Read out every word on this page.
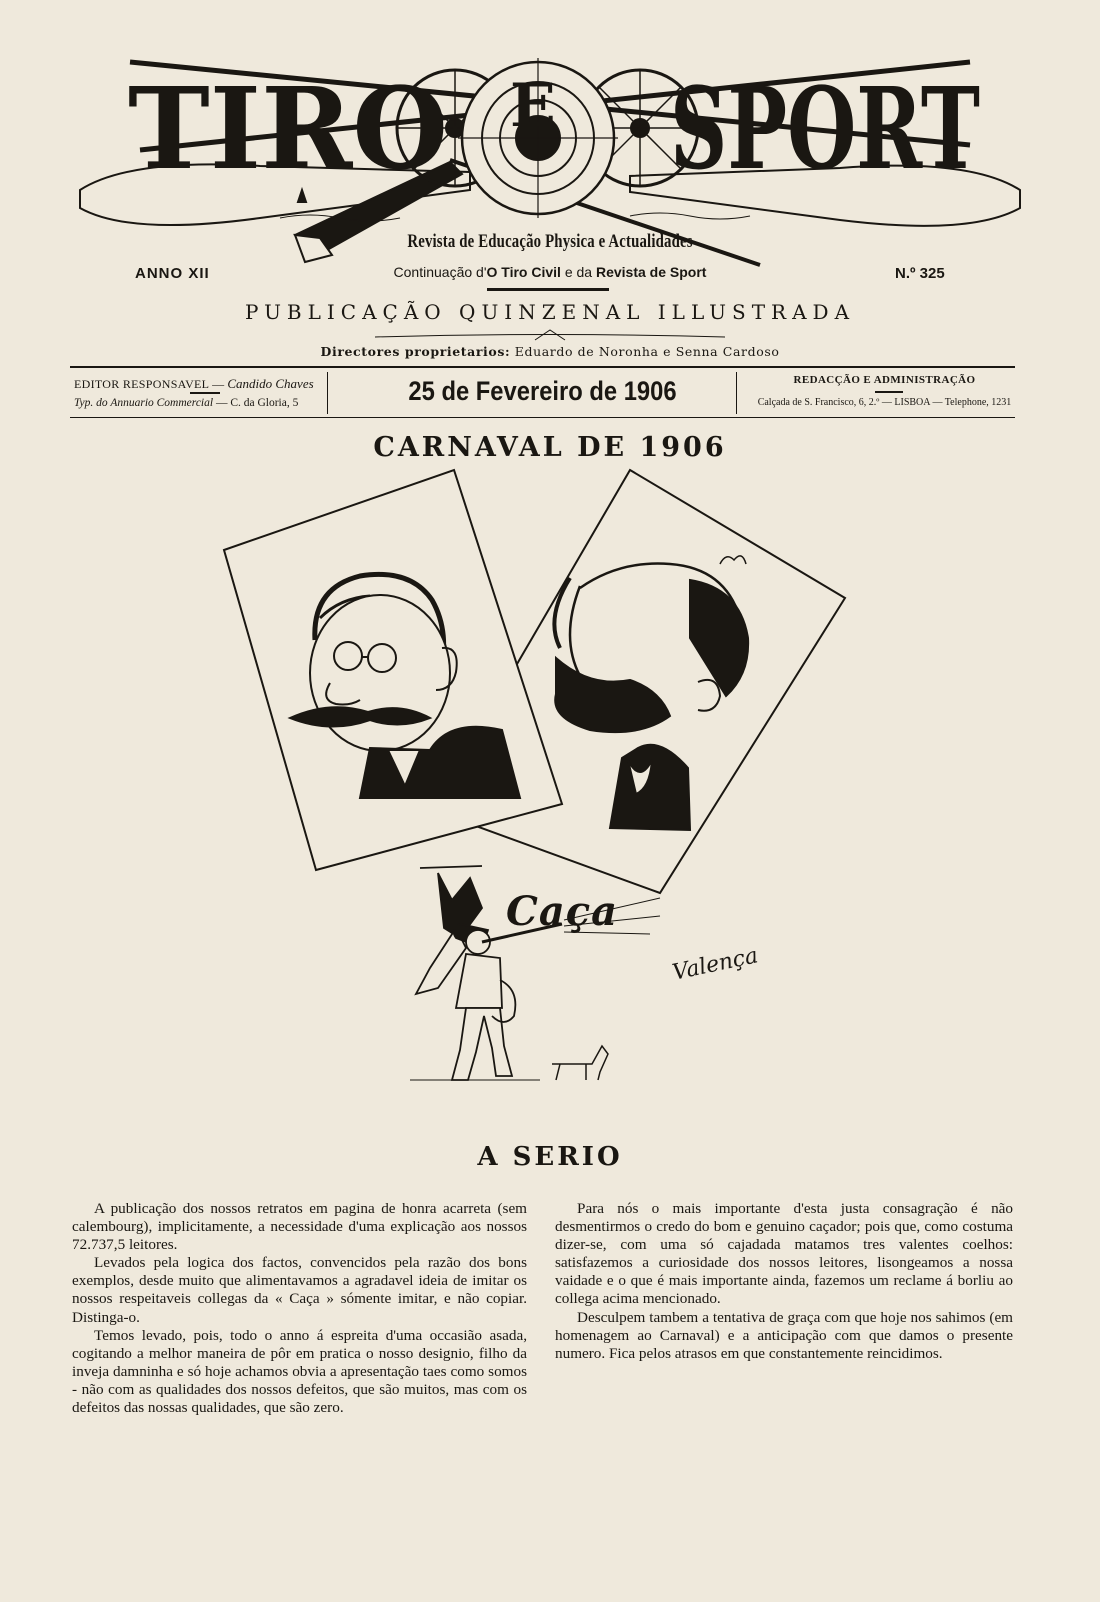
TIRO E SPORT

Revista de Educação Physica e Actualidades

ANNO XII	Continuação d'O Tiro Civil e da Revista de Sport	N.º 325

PUBLICAÇÃO QUINZENAL ILLUSTRADA

Directores proprietarios: Eduardo de Noronha e Senna Cardoso

EDITOR RESPONSAVEL — Candido Chaves

Typ. do Annuario Commercial — C. da Gloria, 5	25 de Fevereiro de 1906	REDACÇÃO E ADMINISTRAÇÃO

Calçada de S. Francisco, 6, 2.º — LISBOA — Telephone, 1231

CARNAVAL DE 1906

Caça

Valença

A SERIO

A publicação dos nossos retratos em pagina de honra acarreta (sem calembourg), implicitamente, a necessidade d'uma explicação aos nossos 72.737,5 leitores.

Levados pela logica dos factos, convencidos pela razão dos bons exemplos, desde muito que alimentavamos a agradavel ideia de imitar os nossos respeitaveis collegas da « Caça » sómente imitar, e não copiar. Distinga-o.

Temos levado, pois, todo o anno á espreita d'uma occasião asada, cogitando a melhor maneira de pôr em pratica o nosso designio, filho da inveja damninha e só hoje achamos obvia a apresentação taes como somos - não com as qualidades dos nossos defeitos, que são muitos, mas com os defeitos das nossas qualidades, que são zero.

Para nós o mais importante d'esta justa consagração é não desmentirmos o credo do bom e genuino caçador; pois que, como costuma dizer-se, com uma só cajadada matamos tres valentes coelhos: satisfazemos a curiosidade dos nossos leitores, lisongeamos a nossa vaidade e o que é mais importante ainda, fazemos um reclame á borliu ao collega acima mencionado.

Desculpem tambem a tentativa de graça com que hoje nos sahimos (em homenagem ao Carnaval) e a anticipação com que damos o presente numero. Fica pelos atrasos em que constantemente reincidimos.
